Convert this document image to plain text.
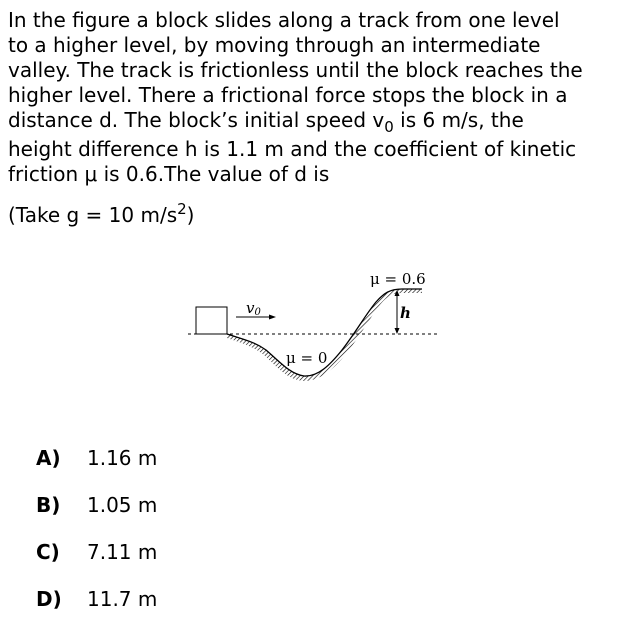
In the figure a block slides along a track from one level
to a higher level, by moving through an intermediate
valley. The track is frictionless until the block reaches the
higher level. There a frictional force stops the block in a
distance d. The block’s initial speed $v_0$ is 6 m/s, the
height difference h is 1.1 m and the coefficient of kinetic
friction μ is 0.6.The value of d is
(Take g = 10 $m/s^2$)
v0	h
μ = 0.6
μ = 0
A)	1.16 m
B)	1.05 m
C)	7.11 m
D)	11.7 m
